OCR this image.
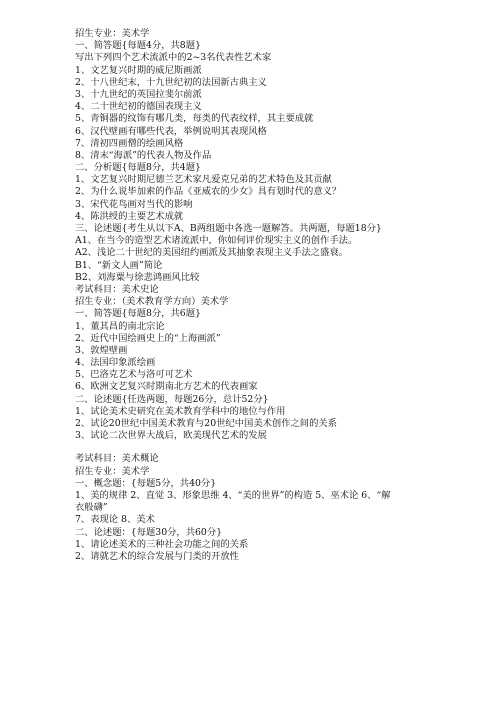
招生专业：美术学
一、简答题{每题4分，共8题}
写出下列四个艺术流派中的2~3名代表性艺术家
1、文艺复兴时期的威尼斯画派
2、十八世纪末，十九世纪初的法国新古典主义
3、十九世纪的英国拉斐尔前派
4、二十世纪初的德国表现主义
5、青铜器的纹饰有哪几类，每类的代表纹样，其主要成就
6、汉代壁画有哪些代表，举例说明其表现风格
7、清初四画僧的绘画风格
8、清末“海派”的代表人物及作品
二、分析题{每题8分，共4题}
1、文艺复兴时期尼德兰艺术家凡爱克兄弟的艺术特色及其贡献
2、为什么说毕加索的作品《亚威农的少女》具有划时代的意义？
3、宋代花鸟画对当代的影响
4、陈洪绶的主要艺术成就
三、论述题{考生从以下A、B两组题中各选一题解答。共两题，每题18分}
A1、在当今的造型艺术诸流派中，你如何评价现实主义的创作手法。
A2、浅论二十世纪的美国纽约画派及其抽象表现主义手法之盛衰。
B1、“新文人画”简论
B2、刘海粟与徐悲鸿画风比较
考试科目：美术史论
招生专业：（美术教育学方向）美术学
一、简答题{每题8分，共6题}
1、董其昌的南北宗论
2、近代中国绘画史上的“上海画派”
3、敦煌壁画
4、法国印象派绘画
5、巴洛克艺术与洛可可艺术
6、欧洲文艺复兴时期南北方艺术的代表画家
二、论述题{任选两题，每题26分，总计52分}
1、试论美术史研究在美术教育学科中的地位与作用
2、试论20世纪中国美术教育与20世纪中国美术创作之间的关系
3、试论二次世界大战后，欧美现代艺术的发展
考试科目：美术概论
招生专业：美术学
一、概念题：{每题5分，共40分}
1、美的规律 2、直觉 3、形象思维 4、“美的世界”的构造 5、巫术论 6、“解
衣般礴”
7、表现论 8、美术
二、论述题：{每题30分，共60分}
1、请论述美术的三种社会功能之间的关系
2、请就艺术的综合发展与门类的开放性
